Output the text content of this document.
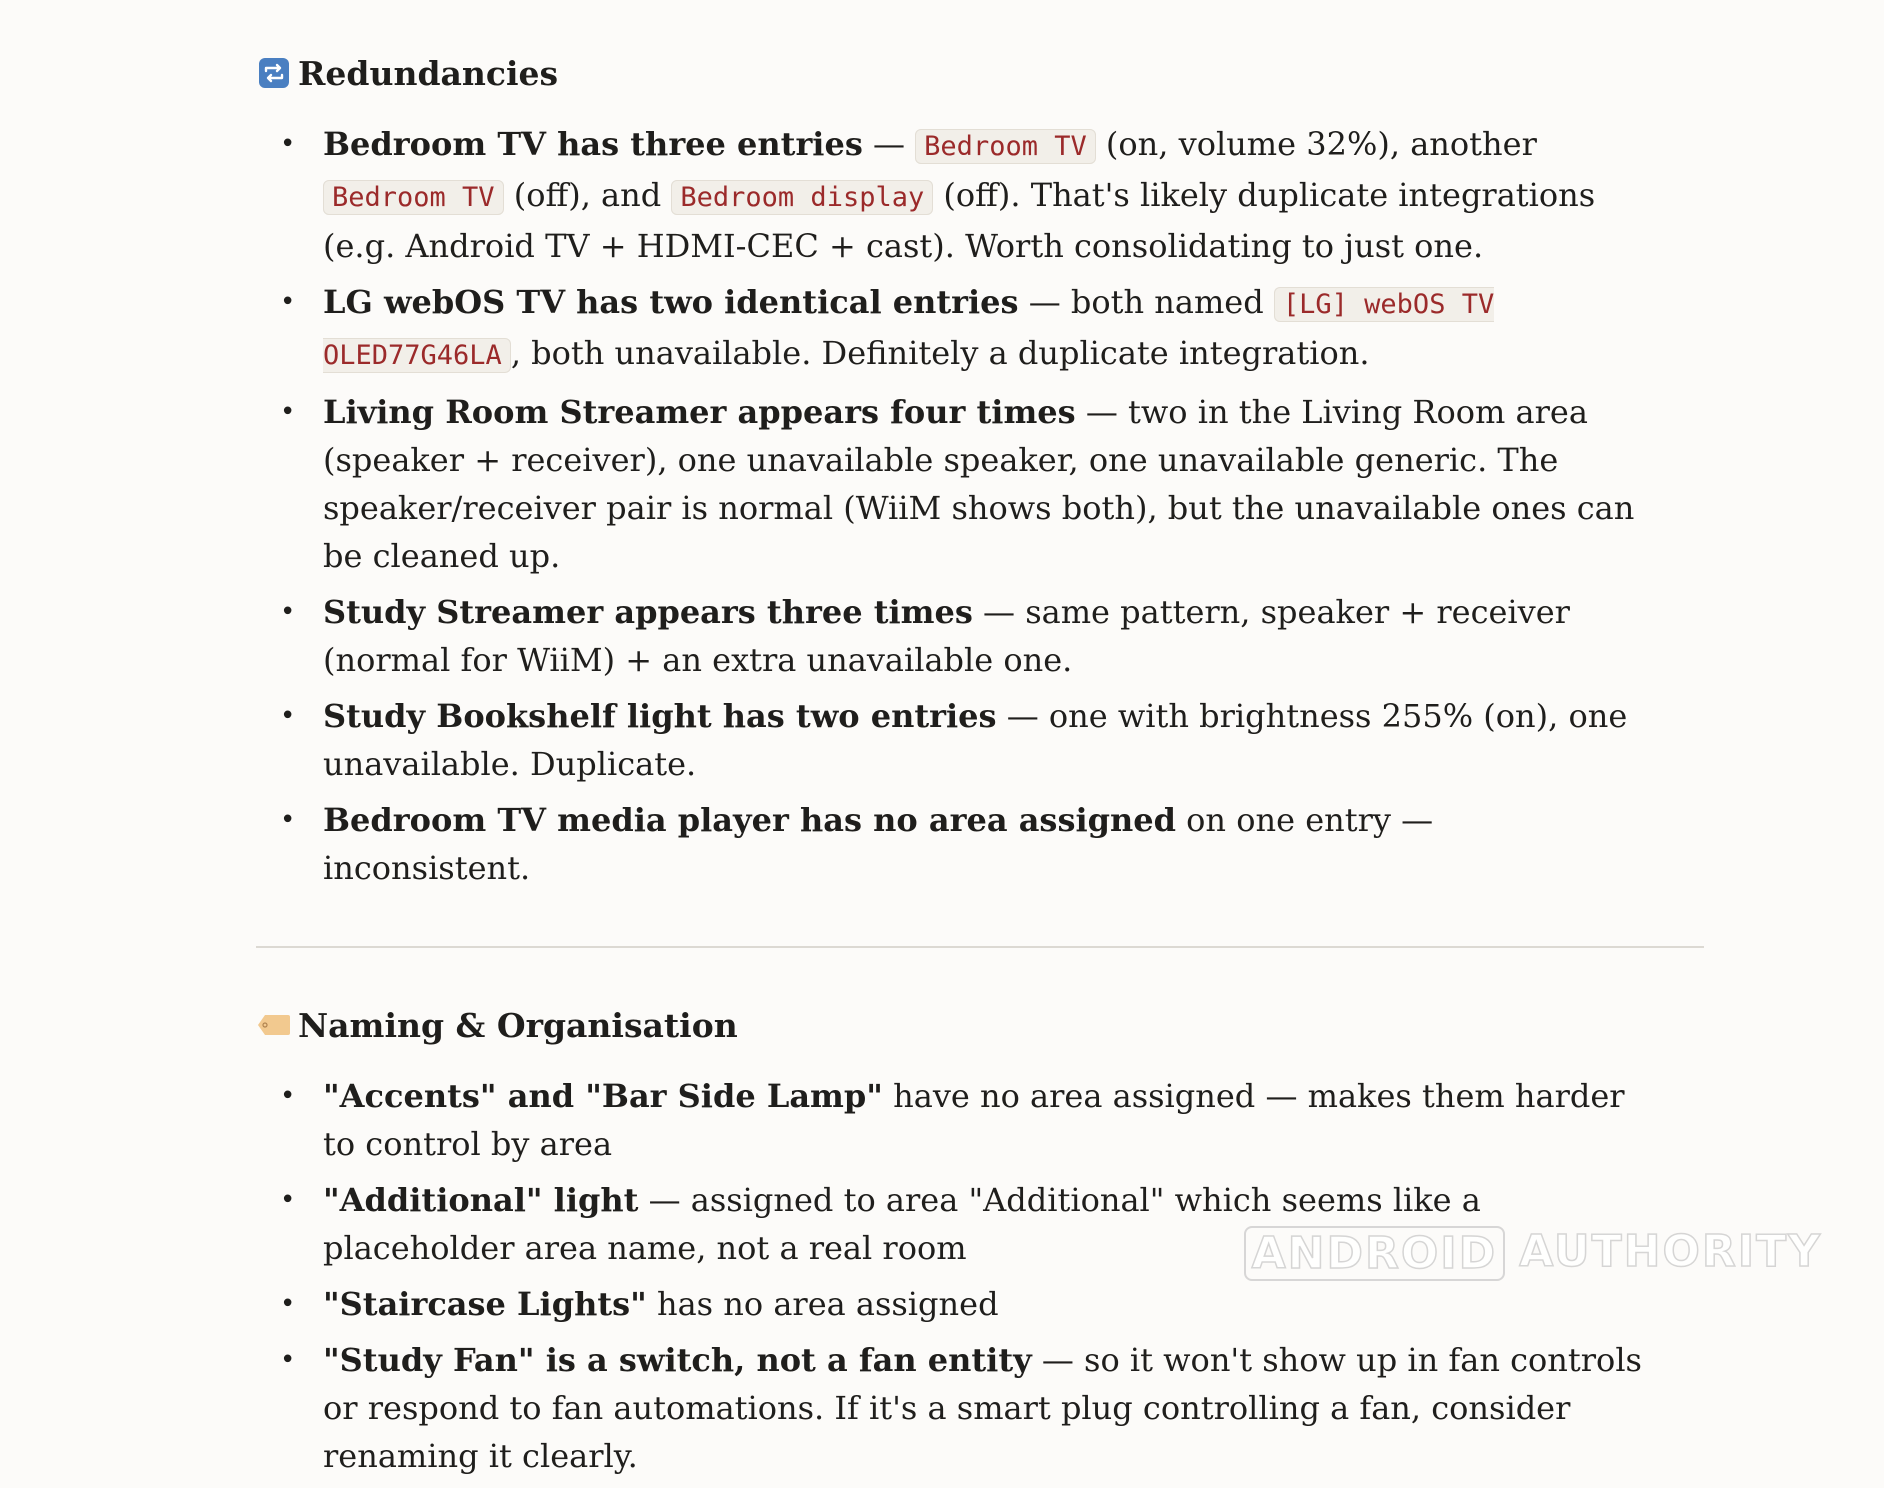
Redundancies
• Bedroom TV has three entries — Bedroom TV (on, volume 32%), another Bedroom TV (off), and Bedroom display (off). That's likely duplicate integrations (e.g. Android TV + HDMI-CEC + cast). Worth consolidating to just one.
• LG webOS TV has two identical entries — both named [LG] webOS TV OLED77G46LA , both unavailable. Definitely a duplicate integration.
• Living Room Streamer appears four times — two in the Living Room area (speaker + receiver), one unavailable speaker, one unavailable generic. The speaker/receiver pair is normal (WiiM shows both), but the unavailable ones can be cleaned up.
• Study Streamer appears three times — same pattern, speaker + receiver (normal for WiiM) + an extra unavailable one.
• Study Bookshelf light has two entries — one with brightness 255% (on), one unavailable. Duplicate.
• Bedroom TV media player has no area assigned on one entry — inconsistent.
Naming & Organisation
• "Accents" and "Bar Side Lamp" have no area assigned — makes them harder to control by area
• "Additional" light — assigned to area "Additional" which seems like a placeholder area name, not a real room
• "Staircase Lights" has no area assigned
• "Study Fan" is a switch, not a fan entity — so it won't show up in fan controls or respond to fan automations. If it's a smart plug controlling a fan, consider renaming it clearly.
ANDROID AUTHORITY
